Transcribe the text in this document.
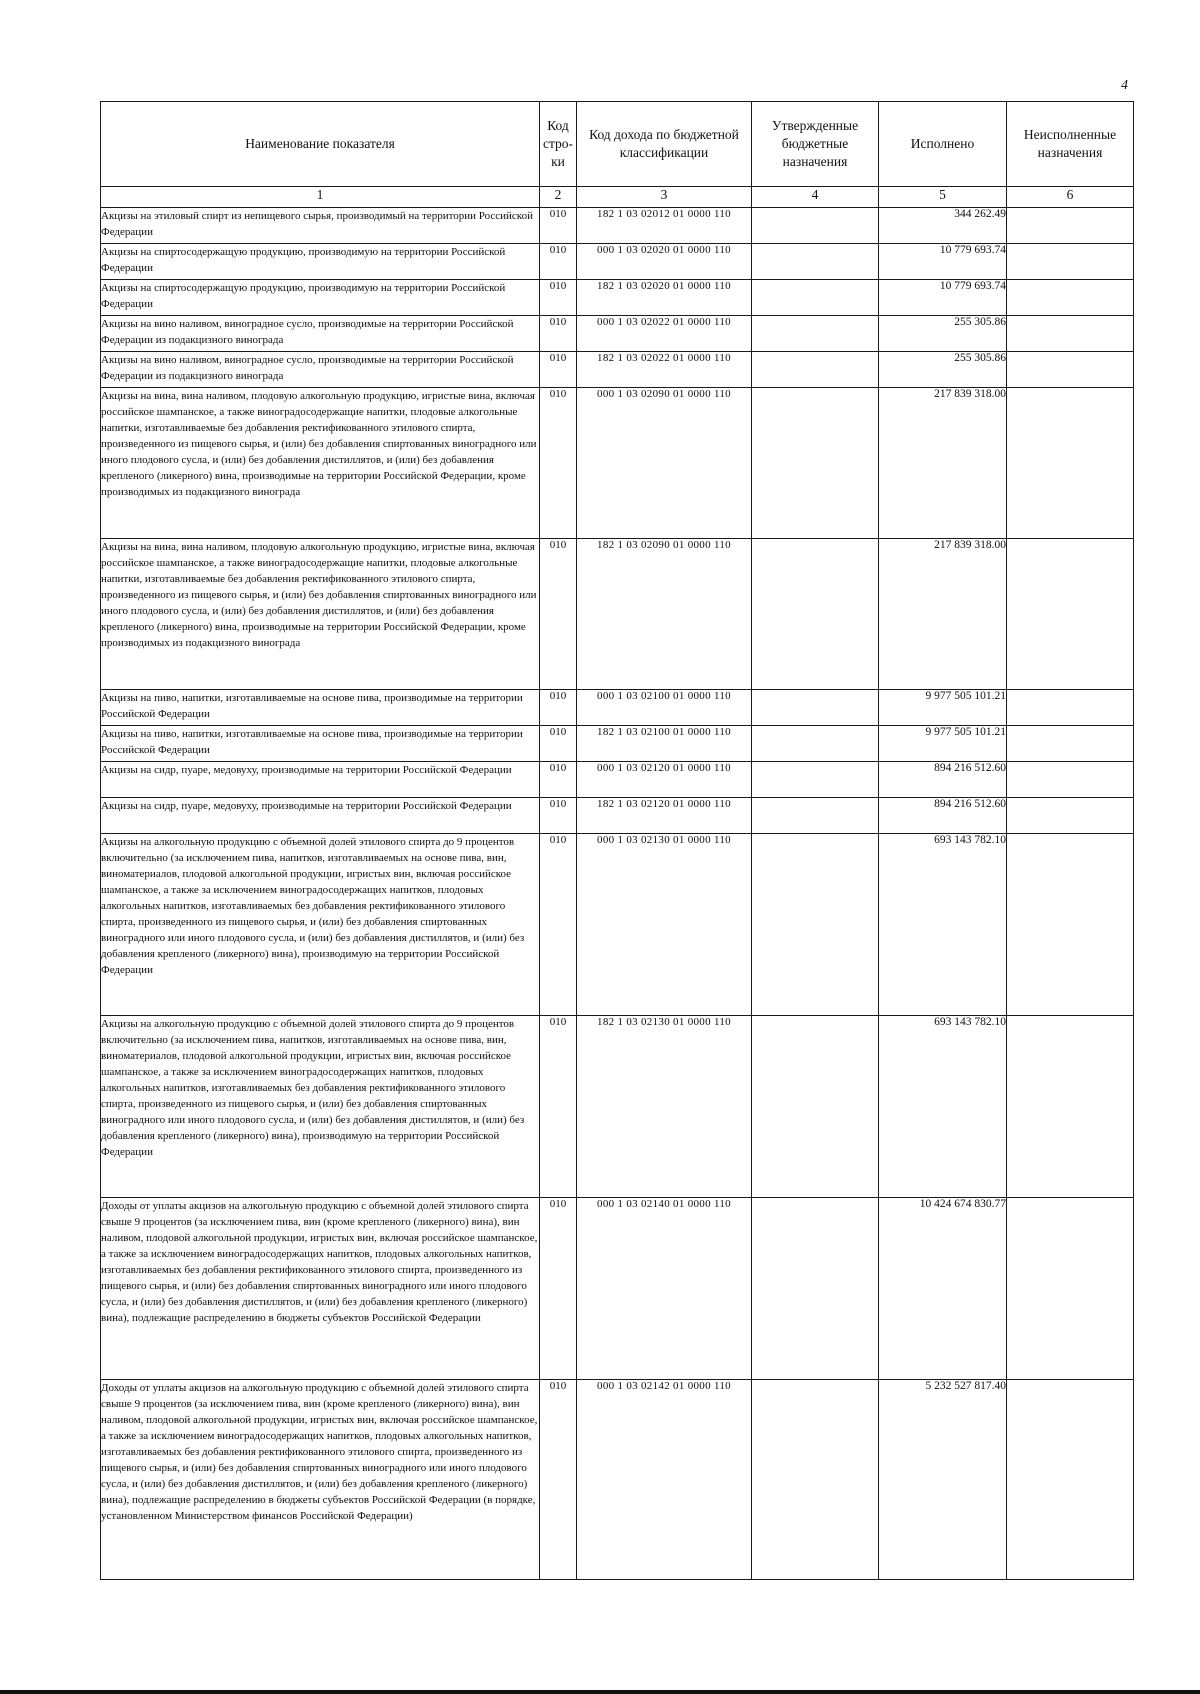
4
Наименование показателя	Код стро- ки	Код дохода по бюджетной классификации	Утвержденные бюджетные назначения	Исполнено	Неисполненные назначения
1	2	3	4	5	6
Акцизы на этиловый спирт из непищевого сырья, производимый на территории Российской Федерации	010	182 1 03 02012 01 0000 110		344 262.49	
Акцизы на спиртосодержащую продукцию, производимую на территории Российской Федерации	010	000 1 03 02020 01 0000 110		10 779 693.74	
Акцизы на спиртосодержащую продукцию, производимую на территории Российской Федерации	010	182 1 03 02020 01 0000 110		10 779 693.74	
Акцизы на вино наливом, виноградное сусло, производимые на территории Российской Федерации из подакцизного винограда	010	000 1 03 02022 01 0000 110		255 305.86	
Акцизы на вино наливом, виноградное сусло, производимые на территории Российской Федерации из подакцизного винограда	010	182 1 03 02022 01 0000 110		255 305.86	
Акцизы на вина, вина наливом, плодовую алкогольную продукцию, игристые вина, включая российское шампанское, а также виноградосодержащие напитки, плодовые алкогольные напитки, изготавливаемые без добавления ректификованного этилового спирта, произведенного из пищевого сырья, и (или) без добавления спиртованных виноградного или иного плодового сусла, и (или) без добавления дистиллятов, и (или) без добавления крепленого (ликерного) вина, производимые на территории Российской Федерации, кроме производимых из подакцизного винограда	010	000 1 03 02090 01 0000 110		217 839 318.00	
Акцизы на вина, вина наливом, плодовую алкогольную продукцию, игристые вина, включая российское шампанское, а также виноградосодержащие напитки, плодовые алкогольные напитки, изготавливаемые без добавления ректификованного этилового спирта, произведенного из пищевого сырья, и (или) без добавления спиртованных виноградного или иного плодового сусла, и (или) без добавления дистиллятов, и (или) без добавления крепленого (ликерного) вина, производимые на территории Российской Федерации, кроме производимых из подакцизного винограда	010	182 1 03 02090 01 0000 110		217 839 318.00	
Акцизы на пиво, напитки, изготавливаемые на основе пива, производимые на территории Российской Федерации	010	000 1 03 02100 01 0000 110		9 977 505 101.21	
Акцизы на пиво, напитки, изготавливаемые на основе пива, производимые на территории Российской Федерации	010	182 1 03 02100 01 0000 110		9 977 505 101.21	
Акцизы на сидр, пуаре, медовуху, производимые на территории Российской Федерации	010	000 1 03 02120 01 0000 110		894 216 512.60	
Акцизы на сидр, пуаре, медовуху, производимые на территории Российской Федерации	010	182 1 03 02120 01 0000 110		894 216 512.60	
Акцизы на алкогольную продукцию с объемной долей этилового спирта до 9 процентов включительно (за исключением пива, напитков, изготавливаемых на основе пива, вин, виноматериалов, плодовой алкогольной продукции, игристых вин, включая российское шампанское, а также за исключением виноградосодержащих напитков, плодовых алкогольных напитков, изготавливаемых без добавления ректификованного этилового спирта, произведенного из пищевого сырья, и (или) без добавления спиртованных виноградного или иного плодового сусла, и (или) без добавления дистиллятов, и (или) без добавления крепленого (ликерного) вина), производимую на территории Российской Федерации	010	000 1 03 02130 01 0000 110		693 143 782.10	
Акцизы на алкогольную продукцию с объемной долей этилового спирта до 9 процентов включительно (за исключением пива, напитков, изготавливаемых на основе пива, вин, виноматериалов, плодовой алкогольной продукции, игристых вин, включая российское шампанское, а также за исключением виноградосодержащих напитков, плодовых алкогольных напитков, изготавливаемых без добавления ректификованного этилового спирта, произведенного из пищевого сырья, и (или) без добавления спиртованных виноградного или иного плодового сусла, и (или) без добавления дистиллятов, и (или) без добавления крепленого (ликерного) вина), производимую на территории Российской Федерации	010	182 1 03 02130 01 0000 110		693 143 782.10	
Доходы от уплаты акцизов на алкогольную продукцию с объемной долей этилового спирта свыше 9 процентов (за исключением пива, вин (кроме крепленого (ликерного) вина), вин наливом, плодовой алкогольной продукции, игристых вин, включая российское шампанское, а также за исключением виноградосодержащих напитков, плодовых алкогольных напитков, изготавливаемых без добавления ректификованного этилового спирта, произведенного из пищевого сырья, и (или) без добавления спиртованных виноградного или иного плодового сусла, и (или) без добавления дистиллятов, и (или) без добавления крепленого (ликерного) вина), подлежащие распределению в бюджеты субъектов Российской Федерации	010	000 1 03 02140 01 0000 110		10 424 674 830.77	
Доходы от уплаты акцизов на алкогольную продукцию с объемной долей этилового спирта свыше 9 процентов (за исключением пива, вин (кроме крепленого (ликерного) вина), вин наливом, плодовой алкогольной продукции, игристых вин, включая российское шампанское, а также за исключением виноградосодержащих напитков, плодовых алкогольных напитков, изготавливаемых без добавления ректификованного этилового спирта, произведенного из пищевого сырья, и (или) без добавления спиртованных виноградного или иного плодового сусла, и (или) без добавления дистиллятов, и (или) без добавления крепленого (ликерного) вина), подлежащие распределению в бюджеты субъектов Российской Федерации (в порядке, установленном Министерством финансов Российской Федерации)	010	000 1 03 02142 01 0000 110		5 232 527 817.40	
